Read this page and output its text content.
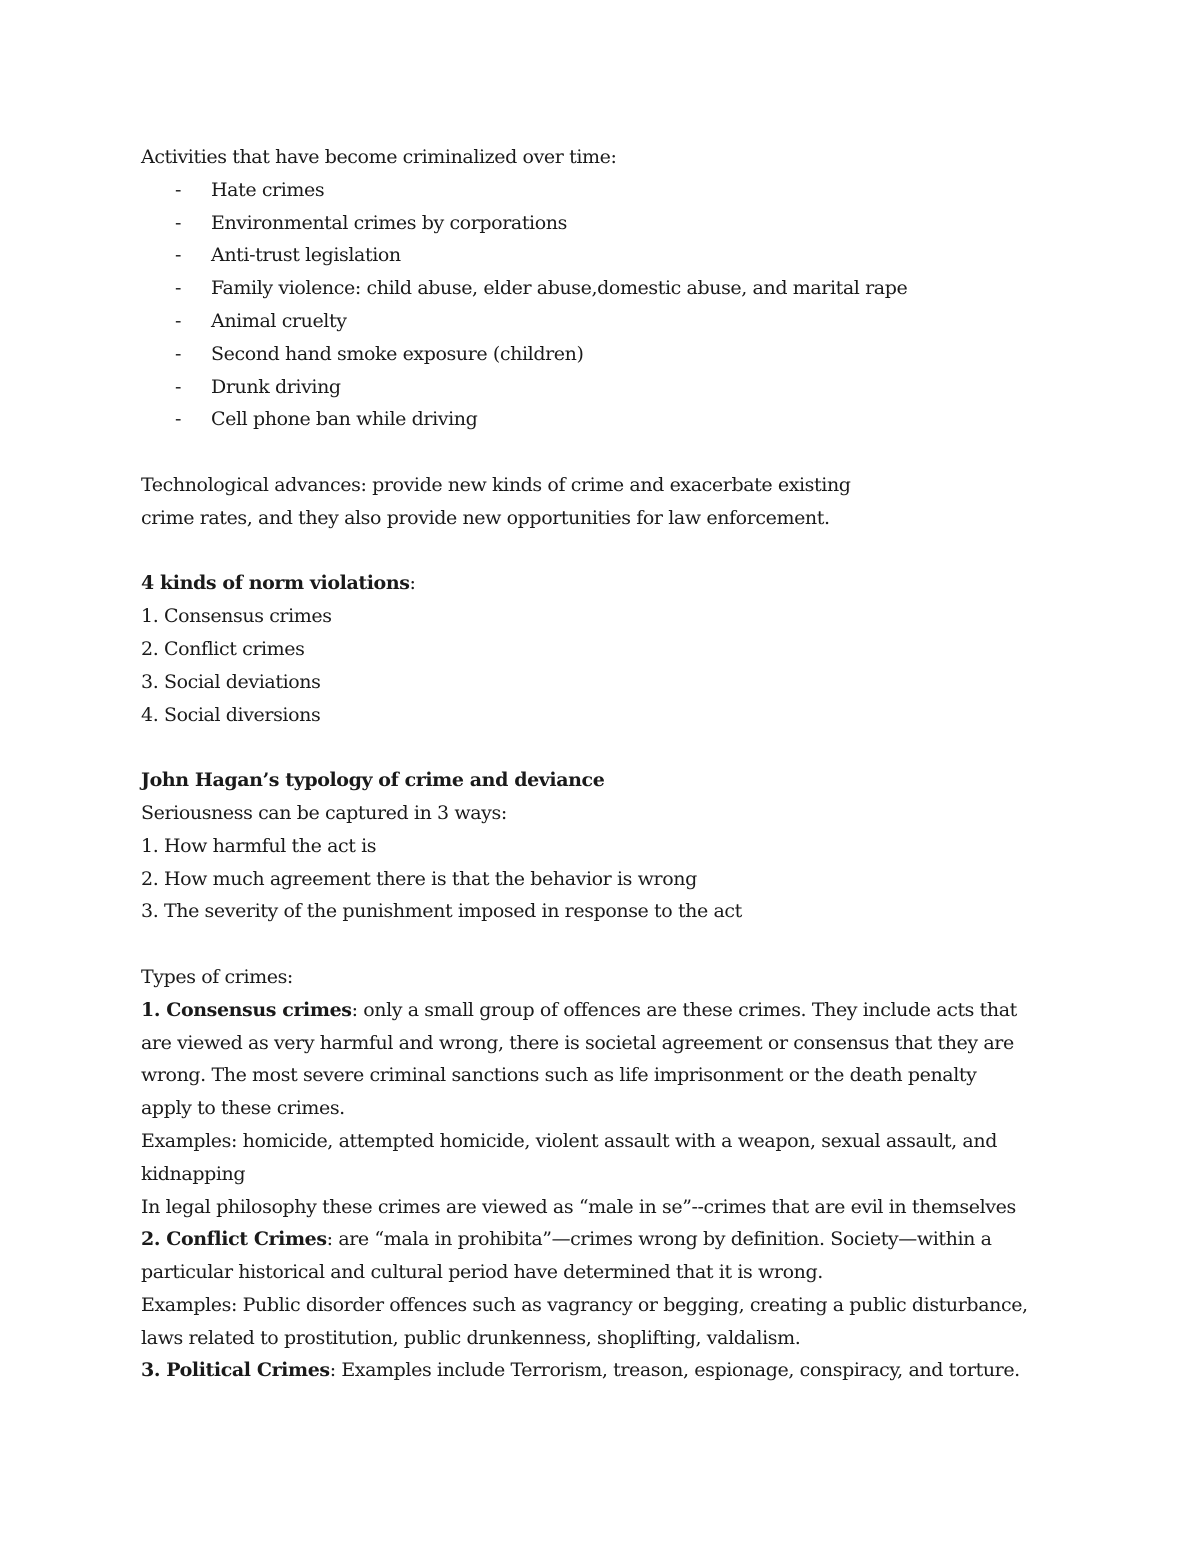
Activities that have become criminalized over time:
- Hate crimes
- Environmental crimes by corporations
- Anti-trust legislation
- Family violence: child abuse, elder abuse,domestic abuse, and marital rape
- Animal cruelty
- Second hand smoke exposure (children)
- Drunk driving
- Cell phone ban while driving
Technological advances: provide new kinds of crime and exacerbate existing
crime rates, and they also provide new opportunities for law enforcement.
4 kinds of norm violations:
1. Consensus crimes
2. Conflict crimes
3. Social deviations
4. Social diversions
John Hagan’s typology of crime and deviance
Seriousness can be captured in 3 ways:
1. How harmful the act is
2. How much agreement there is that the behavior is wrong
3. The severity of the punishment imposed in response to the act
Types of crimes:
1. Consensus crimes: only a small group of offences are these crimes. They include acts that
are viewed as very harmful and wrong, there is societal agreement or consensus that they are
wrong. The most severe criminal sanctions such as life imprisonment or the death penalty
apply to these crimes.
Examples: homicide, attempted homicide, violent assault with a weapon, sexual assault, and
kidnapping
In legal philosophy these crimes are viewed as “male in se”--crimes that are evil in themselves
2. Conflict Crimes: are “mala in prohibita”—crimes wrong by definition. Society—within a
particular historical and cultural period have determined that it is wrong.
Examples: Public disorder offences such as vagrancy or begging, creating a public disturbance,
laws related to prostitution, public drunkenness, shoplifting, valdalism.
3. Political Crimes: Examples include Terrorism, treason, espionage, conspiracy, and torture.
